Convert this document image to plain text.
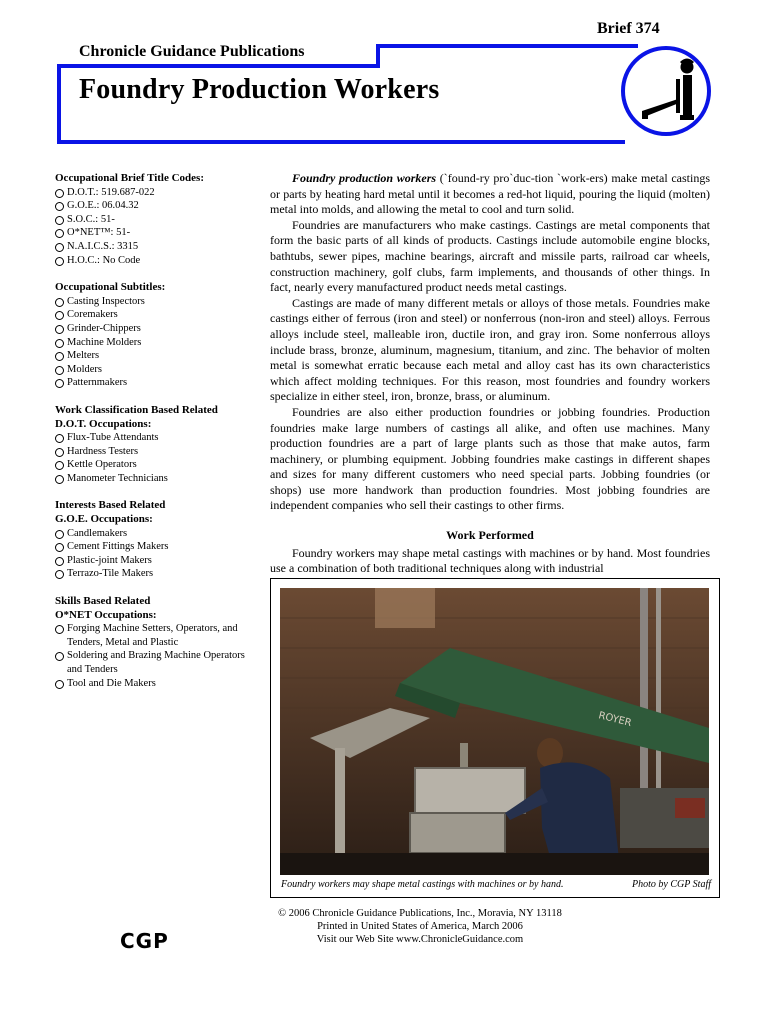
Brief 374
Chronicle Guidance Publications
Foundry Production Workers
Occupational Brief Title Codes:
D.O.T.: 519.687-022
G.O.E.: 06.04.32
S.O.C.: 51-
O*NET™: 51-
N.A.I.C.S.: 3315
H.O.C.: No Code
Occupational Subtitles:
Casting Inspectors
Coremakers
Grinder-Chippers
Machine Molders
Melters
Molders
Patternmakers
Work Classification Based Related
D.O.T. Occupations:
Flux-Tube Attendants
Hardness Testers
Kettle Operators
Manometer Technicians
Interests Based Related
G.O.E. Occupations:
Candlemakers
Cement Fittings Makers
Plastic-joint Makers
Terrazo-Tile Makers
Skills Based Related
O*NET Occupations:
Forging Machine Setters, Operators, and Tenders, Metal and Plastic
Soldering and Brazing Machine Operators and Tenders
Tool and Die Makers

Foundry production workers (`found-ry pro`duc-tion `work-ers) make metal castings or parts by heating hard metal until it becomes a red-hot liquid, pouring the liquid (molten) metal into molds, and allowing the metal to cool and turn solid.

Foundries are manufacturers who make castings. Castings are metal components that form the basic parts of all kinds of products. Castings include automobile engine blocks, bathtubs, sewer pipes, machine bearings, aircraft and missile parts, railroad car wheels, construction machinery, golf clubs, farm implements, and thousands of other things. In fact, nearly every manufactured product needs metal castings.

Castings are made of many different metals or alloys of those metals. Foundries make castings either of ferrous (iron and steel) or nonferrous (non-iron and steel) alloys. Ferrous alloys include steel, malleable iron, ductile iron, and gray iron. Some nonferrous alloys include brass, bronze, aluminum, magnesium, titanium, and zinc. The behavior of molten metal is somewhat erratic because each metal and alloy cast has its own characteristics which affect molding techniques. For this reason, most foundries and foundry workers specialize in either steel, iron, bronze, brass, or aluminum.

Foundries are also either production foundries or jobbing foundries. Production foundries make large numbers of castings all alike, and often use machines. Many production foundries are a part of large plants such as those that make autos, farm machinery, or plumbing equipment. Jobbing foundries make castings in different shapes and sizes for many different customers who need special parts. Jobbing foundries (or shops) use more handwork than production foundries. Most jobbing foundries are independent companies who sell their castings to other firms.

Work Performed

Foundry workers may shape metal castings with machines or by hand. Most foundries use a combination of both traditional techniques along with industrial

ROYER
Foundry workers may shape metal castings with machines or by hand.	Photo by CGP Staff
© 2006 Chronicle Guidance Publications, Inc., Moravia, NY 13118
Printed in United States of America, March 2006
Visit our Web Site www.ChronicleGuidance.com
CGP
